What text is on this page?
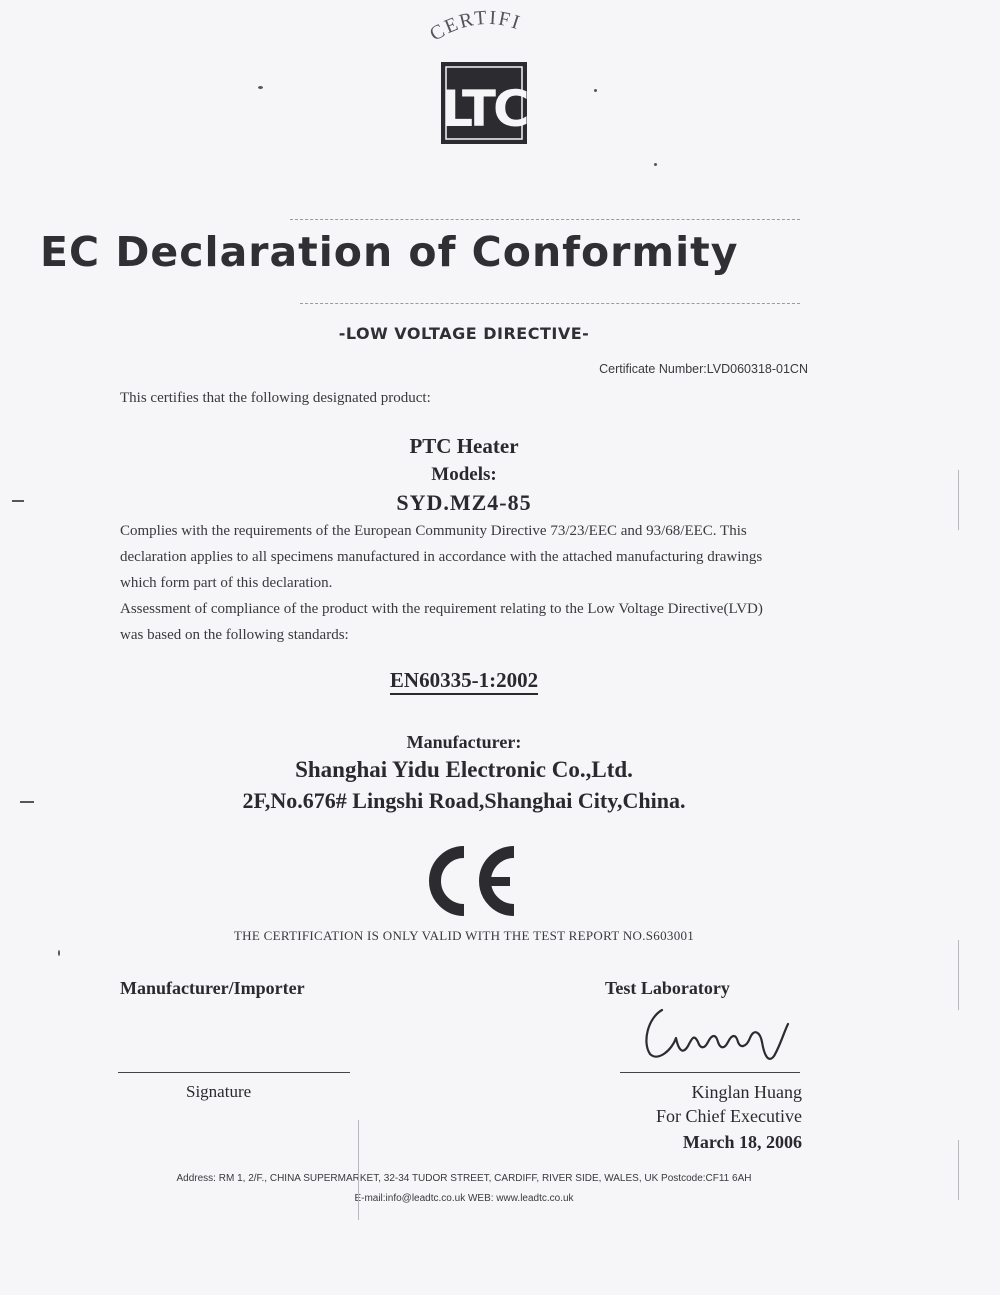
CERTIFI
LTC
EC Declaration of Conformity
-LOW VOLTAGE DIRECTIVE-
Certificate Number:LVD060318-01CN
This certifies that the following designated product:
PTC Heater
Models:
SYD.MZ4-85
Complies with the requirements of the European Community Directive 73/23/EEC and 93/68/EEC. This
declaration applies to all specimens manufactured in accordance with the attached manufacturing drawings
which form part of this declaration.
Assessment of compliance of the product with the requirement relating to the Low Voltage Directive(LVD)
was based on the following standards:
EN60335-1:2002
Manufacturer:
Shanghai Yidu Electronic Co.,Ltd.
2F,No.676# Lingshi Road,Shanghai City,China.
THE CERTIFICATION IS ONLY VALID WITH THE TEST REPORT NO.S603001
Manufacturer/Importer	Test Laboratory
Signature	Kinglan Huang
For Chief Executive
March 18, 2006
Address: RM 1, 2/F., CHINA SUPERMARKET, 32-34 TUDOR STREET, CARDIFF, RIVER SIDE, WALES, UK Postcode:CF11 6AH
E-mail:info@leadtc.co.uk WEB: www.leadtc.co.uk
